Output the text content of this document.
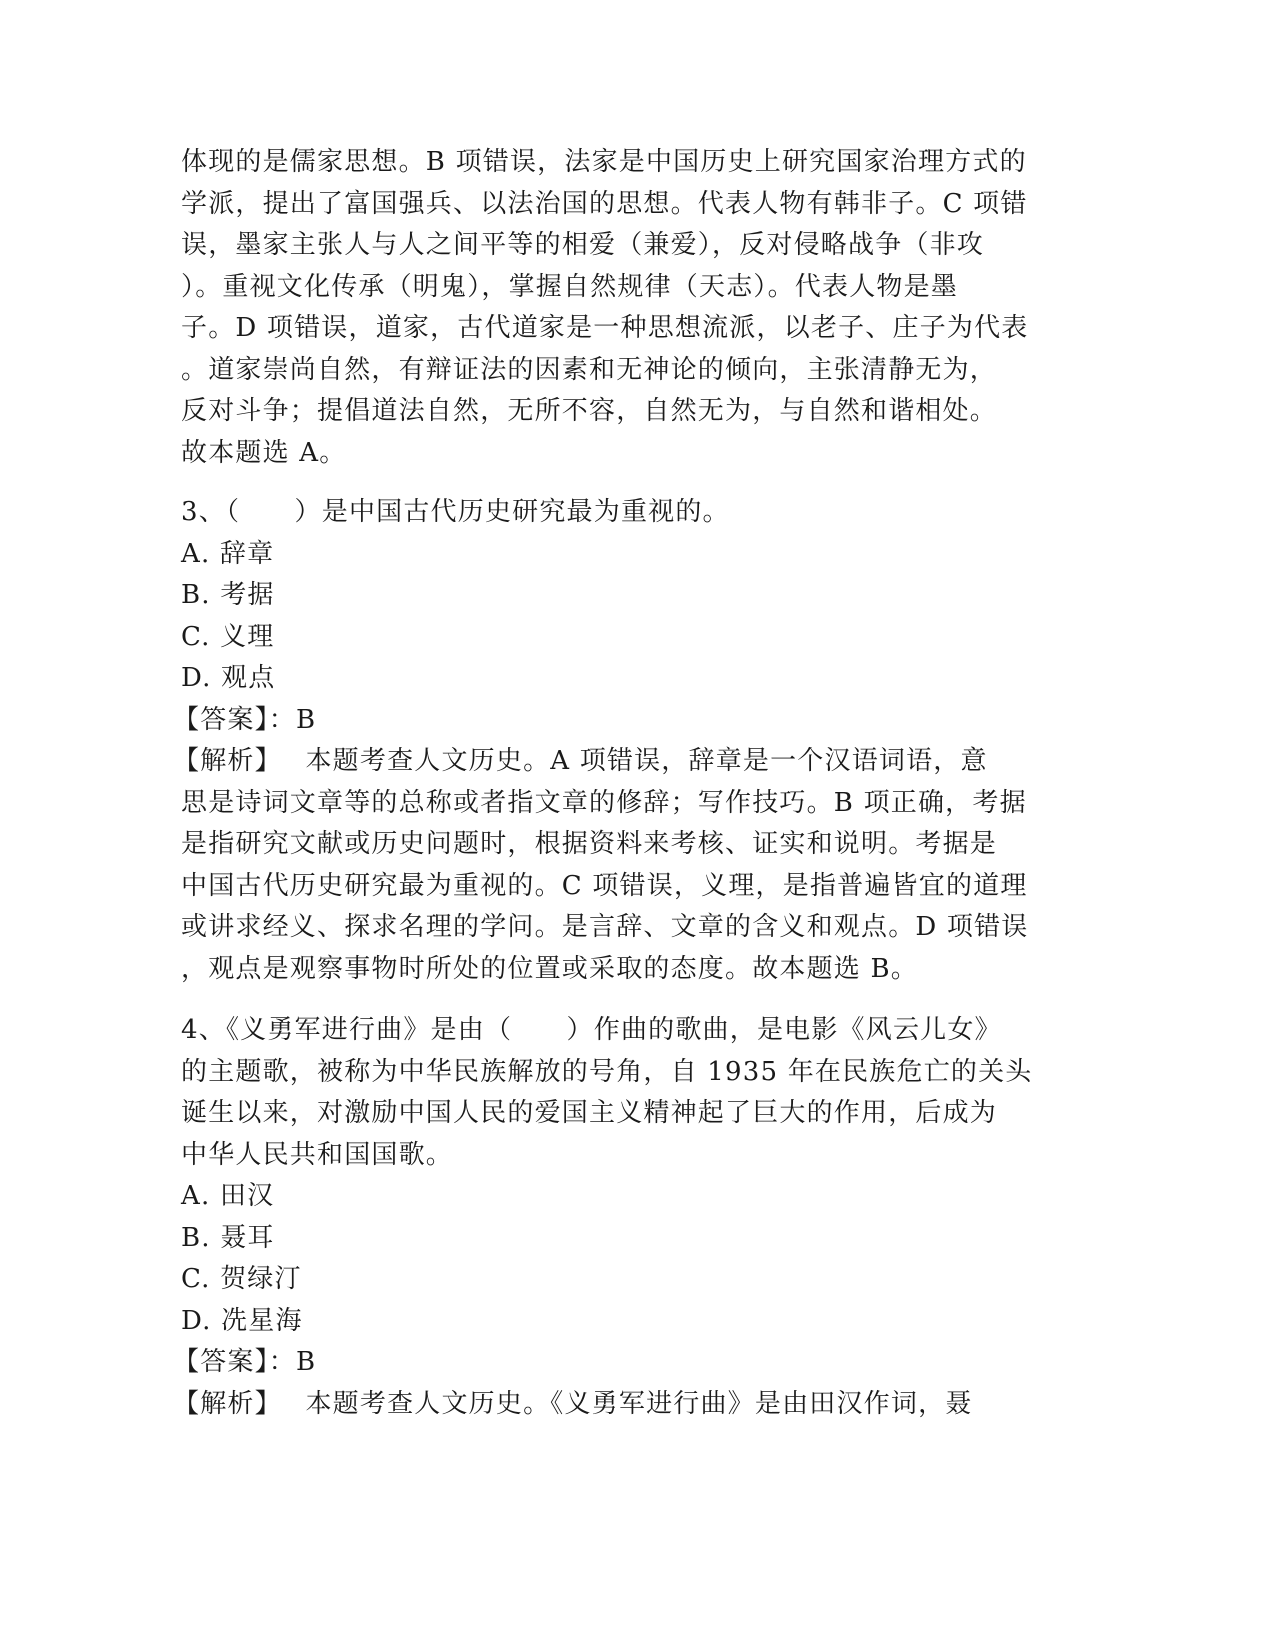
体现的是儒家思想。B 项错误，法家是中国历史上研究国家治理方式的
学派，提出了富国强兵、以法治国的思想。代表人物有韩非子。C 项错
误，墨家主张人与人之间平等的相爱（兼爱），反对侵略战争（非攻
）。重视文化传承（明鬼），掌握自然规律（天志）。代表人物是墨
子。D 项错误，道家，古代道家是一种思想流派，以老子、庄子为代表
。道家崇尚自然，有辩证法的因素和无神论的倾向，主张清静无为，
反对斗争；提倡道法自然，无所不容，自然无为，与自然和谐相处。
故本题选 A。
3、（　　）是中国古代历史研究最为重视的。
A. 辞章
B. 考据
C. 义理
D. 观点
【答案】：B
【解析】　 本题考查人文历史。A 项错误，辞章是一个汉语词语，意
思是诗词文章等的总称或者指文章的修辞；写作技巧。B 项正确，考据
是指研究文献或历史问题时，根据资料来考核、证实和说明。考据是
中国古代历史研究最为重视的。C 项错误，义理，是指普遍皆宜的道理
或讲求经义、探求名理的学问。是言辞、文章的含义和观点。D 项错误
，观点是观察事物时所处的位置或采取的态度。故本题选 B。
4、《义勇军进行曲》是由（　　）作曲的歌曲，是电影《风云儿女》
的主题歌，被称为中华民族解放的号角，自 1935 年在民族危亡的关头
诞生以来，对激励中国人民的爱国主义精神起了巨大的作用，后成为
中华人民共和国国歌。
A. 田汉
B. 聂耳
C. 贺绿汀
D. 冼星海
【答案】：B
【解析】　 本题考查人文历史。《义勇军进行曲》是由田汉作词，聂
